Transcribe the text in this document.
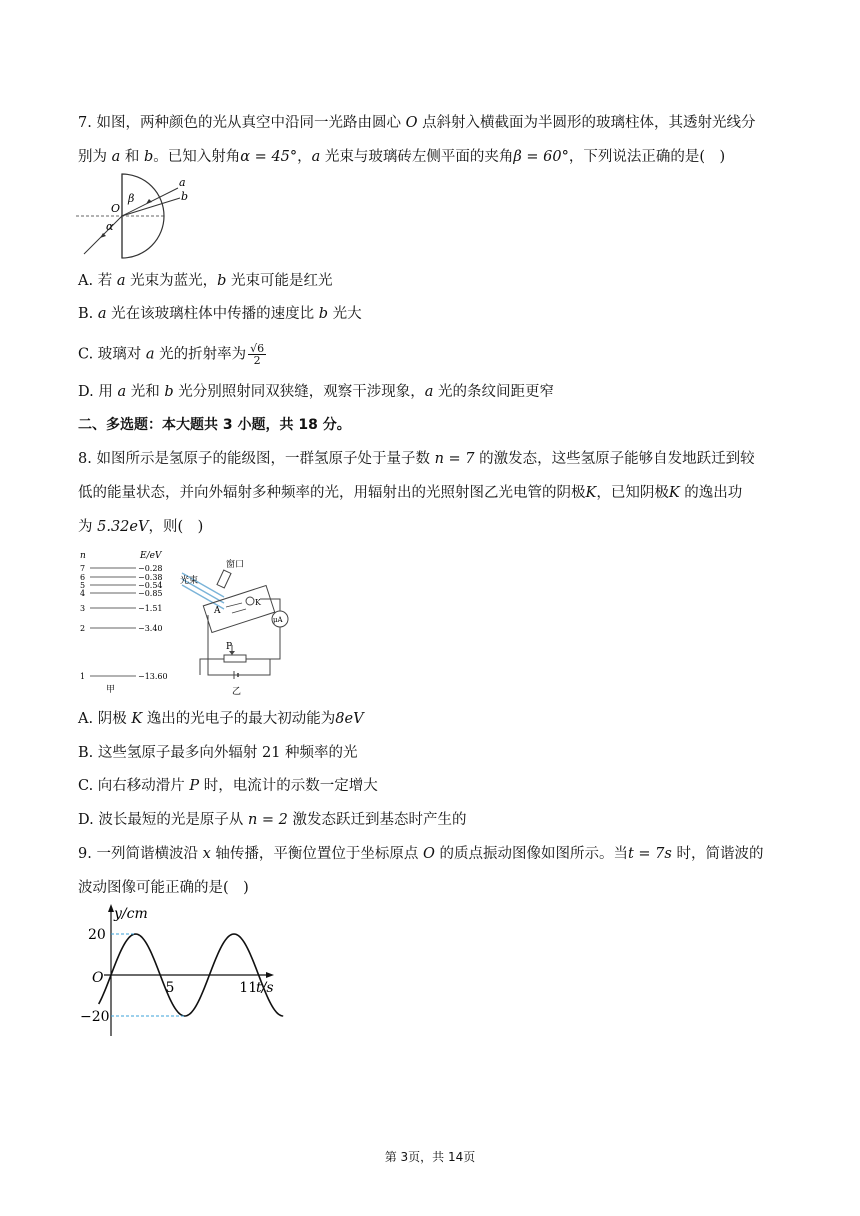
7. 如图，两种颜色的光从真空中沿同一光路由圆心 O 点斜射入横截面为半圆形的玻璃柱体，其透射光线分
别为 a 和 b。已知入射角α = 45°，a 光束与玻璃砖左侧平面的夹角β = 60°，下列说法正确的是(　)
a
b
β
O
α
A. 若 a 光束为蓝光，b 光束可能是红光
B. a 光在该玻璃柱体中传播的速度比 b 光大
C. 玻璃对 a 光的折射率为 $\frac{√6}{2}$
D. 用 a 光和 b 光分别照射同双狭缝，观察干涉现象，a 光的条纹间距更窄
二、多选题：本大题共 3 小题，共 18 分。
8. 如图所示是氢原子的能级图，一群氢原子处于量子数 n = 7 的激发态，这些氢原子能够自发地跃迁到较
低的能量状态，并向外辐射多种频率的光，用辐射出的光照射图乙光电管的阴极K，已知阴极K 的逸出功
为 5.32eV，则(　)
n	E/eV
7	−0.28
6	−0.38
5	−0.54
4	−0.85
3	−1.51
2	−3.40
1	−13.60
甲
A
K
窗口
光束
μA
P
乙
A. 阴极 K 逸出的光电子的最大初动能为8eV
B. 这些氢原子最多向外辐射 21 种频率的光
C. 向右移动滑片 P 时，电流计的示数一定增大
D. 波长最短的光是原子从 n = 2 激发态跃迁到基态时产生的
9. 一列简谐横波沿 x 轴传播，平衡位置位于坐标原点 O 的质点振动图像如图所示。当t = 7s 时，简谐波的
波动图像可能正确的是(　)
y/cm
t/s
O
20
−20
5	11
第 3页，共 14页
